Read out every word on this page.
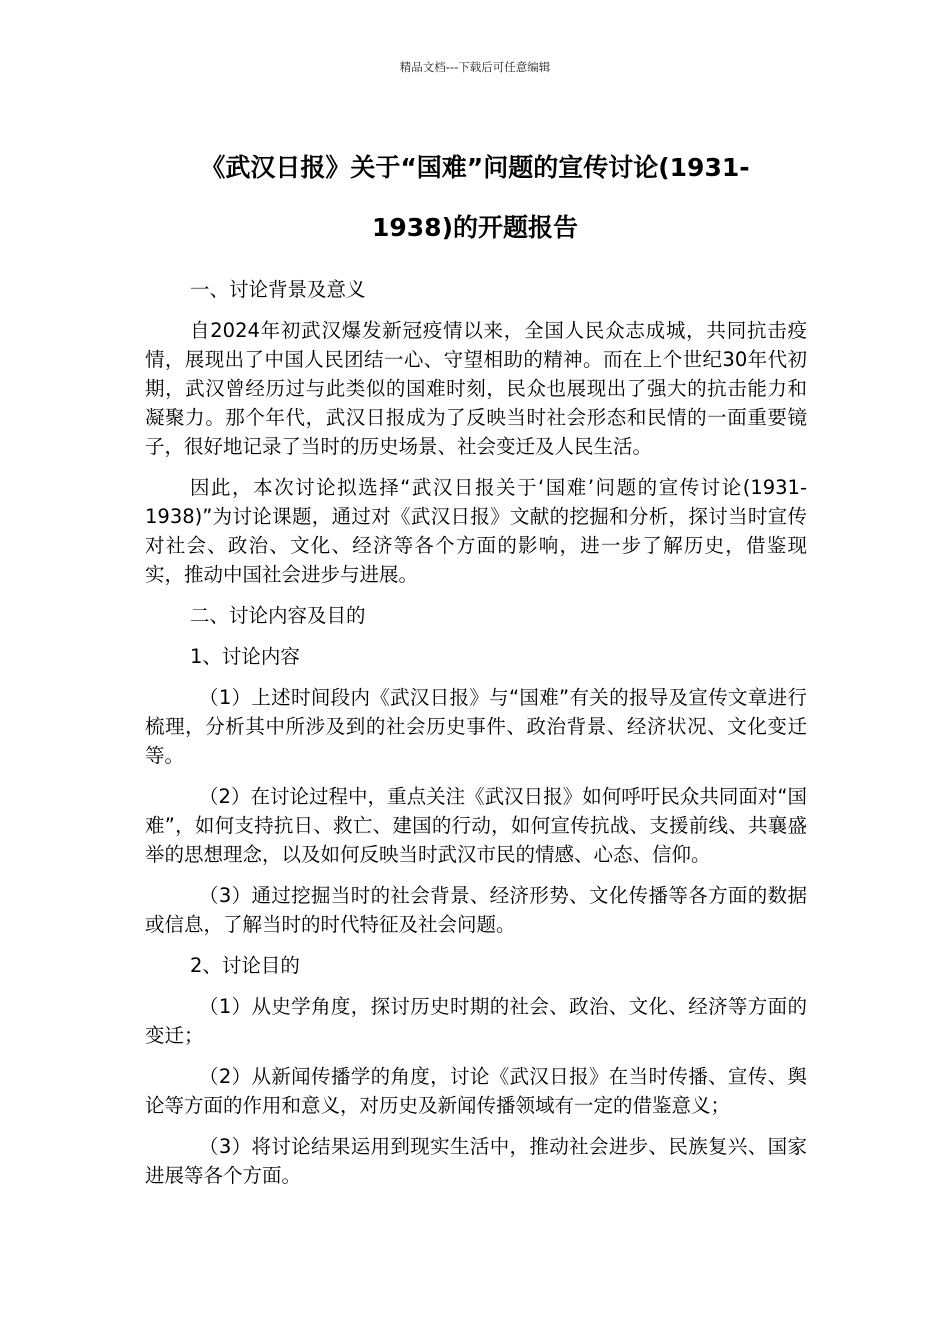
精品文档---下载后可任意编辑
《武汉日报》关于“国难”问题的宣传讨论(1931-
1938)的开题报告
一、讨论背景及意义

自2024年初武汉爆发新冠疫情以来，全国人民众志成城，共同抗击疫情，展现出了中国人民团结一心、守望相助的精神。而在上个世纪30年代初期，武汉曾经历过与此类似的国难时刻，民众也展现出了强大的抗击能力和凝聚力。那个年代，武汉日报成为了反映当时社会形态和民情的一面重要镜子，很好地记录了当时的历史场景、社会变迁及人民生活。

因此，本次讨论拟选择“武汉日报关于‘国难’问题的宣传讨论(1931-1938)”为讨论课题，通过对《武汉日报》文献的挖掘和分析，探讨当时宣传对社会、政治、文化、经济等各个方面的影响，进一步了解历史，借鉴现实，推动中国社会进步与进展。

二、讨论内容及目的
1、讨论内容

（1）上述时间段内《武汉日报》与“国难”有关的报导及宣传文章进行梳理，分析其中所涉及到的社会历史事件、政治背景、经济状况、文化变迁等。

（2）在讨论过程中，重点关注《武汉日报》如何呼吁民众共同面对“国难”，如何支持抗日、救亡、建国的行动，如何宣传抗战、支援前线、共襄盛举的思想理念，以及如何反映当时武汉市民的情感、心态、信仰。

（3）通过挖掘当时的社会背景、经济形势、文化传播等各方面的数据或信息，了解当时的时代特征及社会问题。

2、讨论目的

（1）从史学角度，探讨历史时期的社会、政治、文化、经济等方面的变迁；

（2）从新闻传播学的角度，讨论《武汉日报》在当时传播、宣传、舆论等方面的作用和意义，对历史及新闻传播领域有一定的借鉴意义；

（3）将讨论结果运用到现实生活中，推动社会进步、民族复兴、国家进展等各个方面。
